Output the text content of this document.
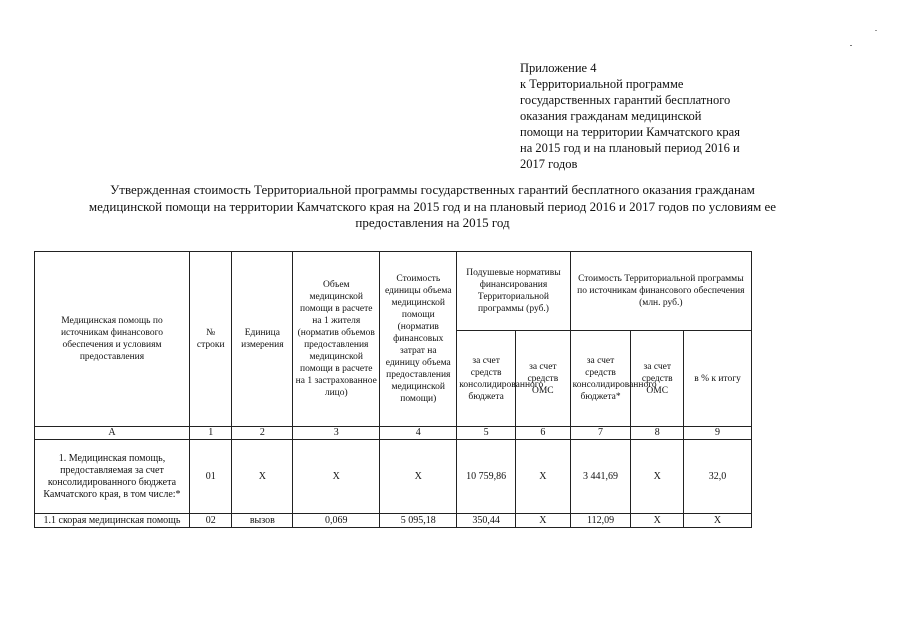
Приложение 4
к Территориальной программе
государственных гарантий бесплатного
оказания гражданам медицинской
помощи на территории Камчатского края
на 2015 год и на плановый период 2016 и
2017 годов
Утвержденная стоимость Территориальной программы государственных гарантий бесплатного оказания гражданам
медицинской помощи на территории Камчатского края на 2015 год и на плановый период 2016 и 2017 годов по условиям ее
предоставления на 2015 год
Медицинская помощь по источникам финансового обеспечения и условиям предоставления	№ строки	Единица измерения	Объем медицинской помощи в расчете на 1 жителя (норматив объемов предоставления медицинской помощи в расчете на 1 застрахованное лицо)	Стоимость единицы объема медицинской помощи (норматив финансовых затрат на единицу объема предоставления медицинской помощи)	Подушевые нормативы финансирования Территориальной программы (руб.)		Стоимость Территориальной программы по источникам финансового обеспечения (млн. руб.)		
					за счет средств консолидированного бюджета	за счет средств ОМС	за счет средств консолидированного бюджета*	за счет средств ОМС	в % к итогу
А	1	2	3	4	5	6	7	8	9
1. Медицинская помощь, предоставляемая за счет консолидированного бюджета Камчатского края, в том числе:*	01	Х	Х	Х	10 759,86	Х	3 441,69	Х	32,0
1.1 скорая медицинская помощь	02	вызов	0,069	5 095,18	350,44	Х	112,09	Х	Х
